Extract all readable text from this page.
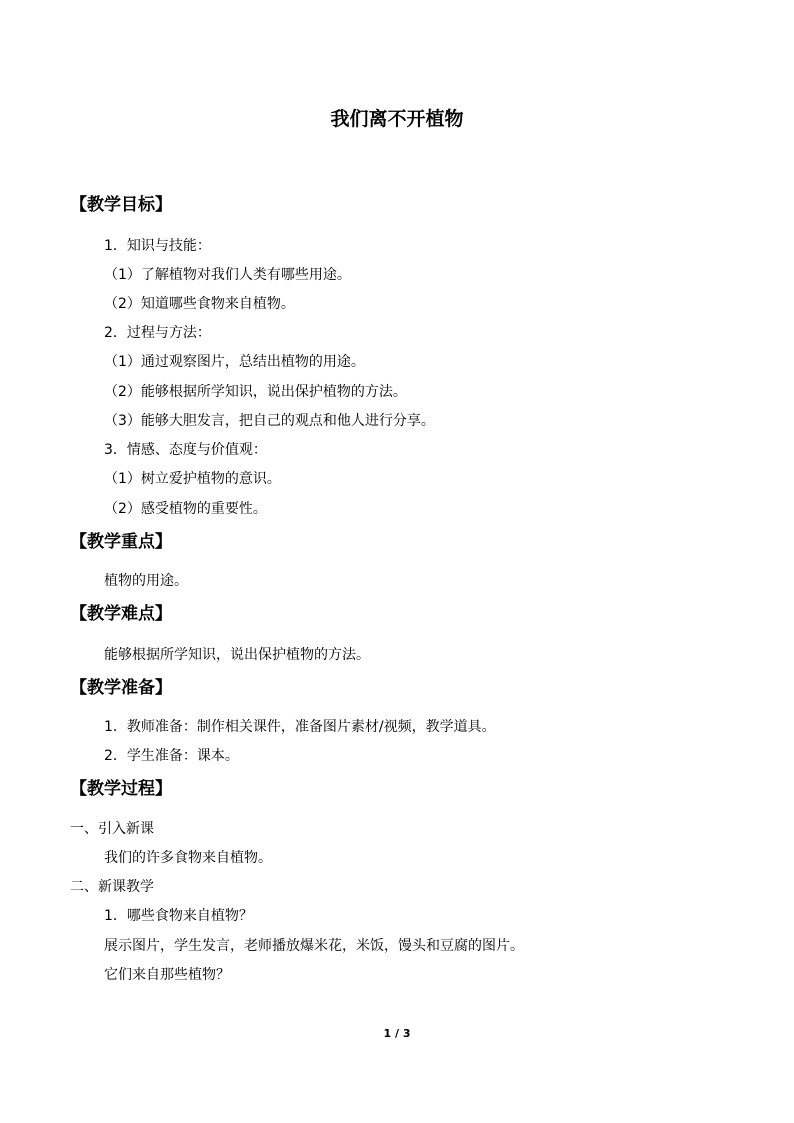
我们离不开植物
【教学目标】
1．知识与技能：
（1）了解植物对我们人类有哪些用途。
（2）知道哪些食物来自植物。
2．过程与方法：
（1）通过观察图片，总结出植物的用途。
（2）能够根据所学知识，说出保护植物的方法。
（3）能够大胆发言，把自己的观点和他人进行分享。
3．情感、态度与价值观：
（1）树立爱护植物的意识。
（2）感受植物的重要性。
【教学重点】
植物的用途。
【教学难点】
能够根据所学知识，说出保护植物的方法。
【教学准备】
1．教师准备：制作相关课件，准备图片素材/视频，教学道具。
2．学生准备：课本。
【教学过程】
一、引入新课
我们的许多食物来自植物。
二、新课教学
1．哪些食物来自植物？
展示图片，学生发言，老师播放爆米花，米饭，馒头和豆腐的图片。
它们来自那些植物？
1 / 3
